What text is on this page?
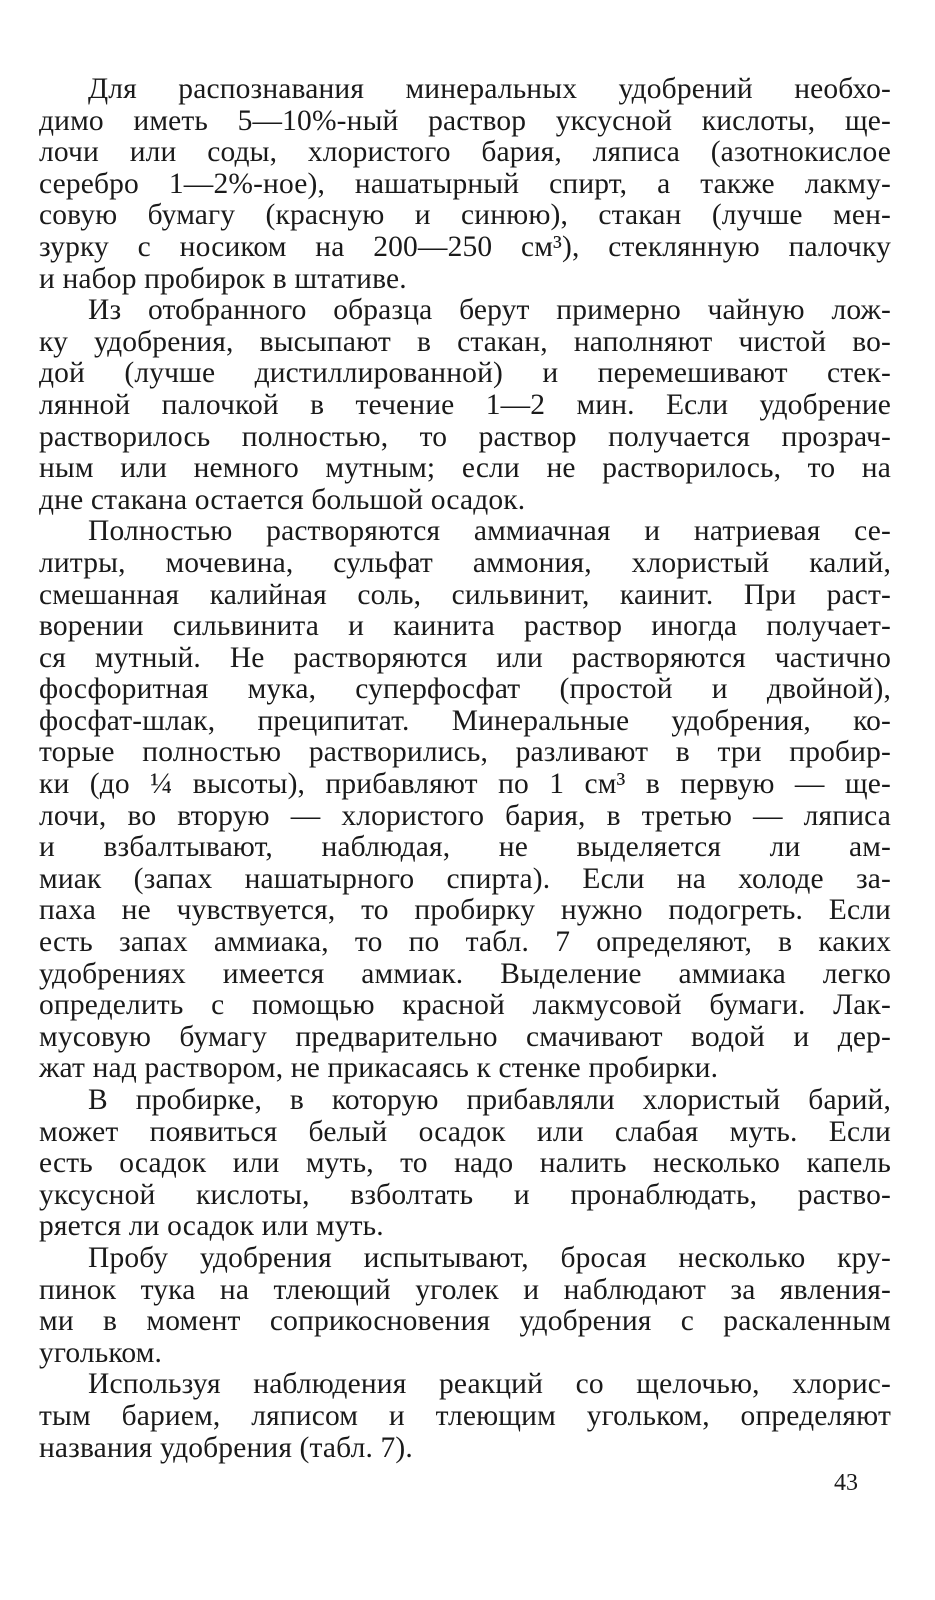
Для распознавания минеральных удобрений необхо-
димо иметь 5—10%-ный раствор уксусной кислоты, ще-
лочи или соды, хлористого бария, ляписа (азотнокислое
серебро 1—2%-ное), нашатырный спирт, а также лакму-
совую бумагу (красную и синюю), стакан (лучше мен-
зурку с носиком на 200—250 см³), стеклянную палочку
и набор пробирок в штативе.
Из отобранного образца берут примерно чайную лож-
ку удобрения, высыпают в стакан, наполняют чистой во-
дой (лучше дистиллированной) и перемешивают стек-
лянной палочкой в течение 1—2 мин. Если удобрение
растворилось полностью, то раствор получается прозрач-
ным или немного мутным; если не растворилось, то на
дне стакана остается большой осадок.
Полностью растворяются аммиачная и натриевая се-
литры, мочевина, сульфат аммония, хлористый калий,
смешанная калийная соль, сильвинит, каинит. При раст-
ворении сильвинита и каинита раствор иногда получает-
ся мутный. Не растворяются или растворяются частично
фосфоритная мука, суперфосфат (простой и двойной),
фосфат-шлак, преципитат. Минеральные удобрения, ко-
торые полностью растворились, разливают в три пробир-
ки (до ¼ высоты), прибавляют по 1 см³ в первую — ще-
лочи, во вторую — хлористого бария, в третью — ляписа
и взбалтывают, наблюдая, не выделяется ли ам-
миак (запах нашатырного спирта). Если на холоде за-
паха не чувствуется, то пробирку нужно подогреть. Если
есть запах аммиака, то по табл. 7 определяют, в каких
удобрениях имеется аммиак. Выделение аммиака легко
определить с помощью красной лакмусовой бумаги. Лак-
мусовую бумагу предварительно смачивают водой и дер-
жат над раствором, не прикасаясь к стенке пробирки.
В пробирке, в которую прибавляли хлористый барий,
может появиться белый осадок или слабая муть. Если
есть осадок или муть, то надо налить несколько капель
уксусной кислоты, взболтать и пронаблюдать, раство-
ряется ли осадок или муть.
Пробу удобрения испытывают, бросая несколько кру-
пинок тука на тлеющий уголек и наблюдают за явления-
ми в момент соприкосновения удобрения с раскаленным
угольком.
Используя наблюдения реакций со щелочью, хлорис-
тым барием, ляписом и тлеющим угольком, определяют
названия удобрения (табл. 7).
43
